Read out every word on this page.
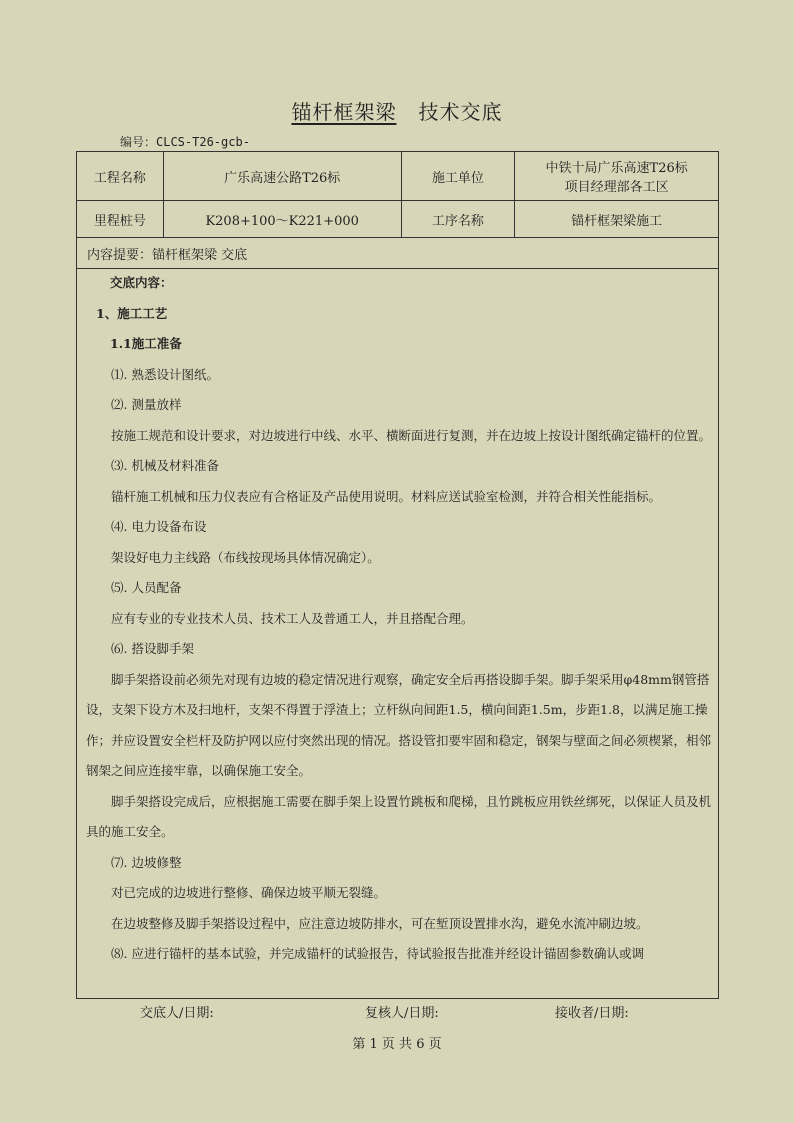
锚杆框架梁 技术交底
编号：CLCS-T26-gcb-
工程名称	广乐高速公路T26标	施工单位	中铁十局广乐高速T26标
项目经理部各工区

里程桩号	K208+100～K221+000	工序名称	锚杆框架梁施工
内容提要：锚杆框架梁 交底			

交底内容：

1、施工工艺

1.1施工准备

⑴. 熟悉设计图纸。

⑵. 测量放样

按施工规范和设计要求，对边坡进行中线、水平、横断面进行复测，并在边坡上按设计图纸确定锚杆的位置。

⑶. 机械及材料准备

锚杆施工机械和压力仪表应有合格证及产品使用说明。材料应送试验室检测，并符合相关性能指标。

⑷. 电力设备布设

架设好电力主线路（布线按现场具体情况确定）。

⑸. 人员配备

应有专业的专业技术人员、技术工人及普通工人，并且搭配合理。

⑹. 搭设脚手架

脚手架搭设前必须先对现有边坡的稳定情况进行观察，确定安全后再搭设脚手架。脚手架采用φ48mm钢管搭设，支架下设方木及扫地杆，支架不得置于浮渣上；立杆纵向间距1.5，横向间距1.5m，步距1.8，以满足施工操作；并应设置安全栏杆及防护网以应付突然出现的情况。搭设管扣要牢固和稳定，钢架与壁面之间必须楔紧，相邻钢架之间应连接牢靠，以确保施工安全。

脚手架搭设完成后，应根据施工需要在脚手架上设置竹跳板和爬梯，且竹跳板应用铁丝绑死，以保证人员及机具的施工安全。

⑺. 边坡修整

对已完成的边坡进行整修、确保边坡平顺无裂缝。

在边坡整修及脚手架搭设过程中，应注意边坡防排水，可在堑顶设置排水沟，避免水流冲刷边坡。

⑻. 应进行锚杆的基本试验，并完成锚杆的试验报告，待试验报告批准并经设计锚固参数确认或调

交底人/日期:	复核人/日期:	接收者/日期:
第 1 页 共 6 页
